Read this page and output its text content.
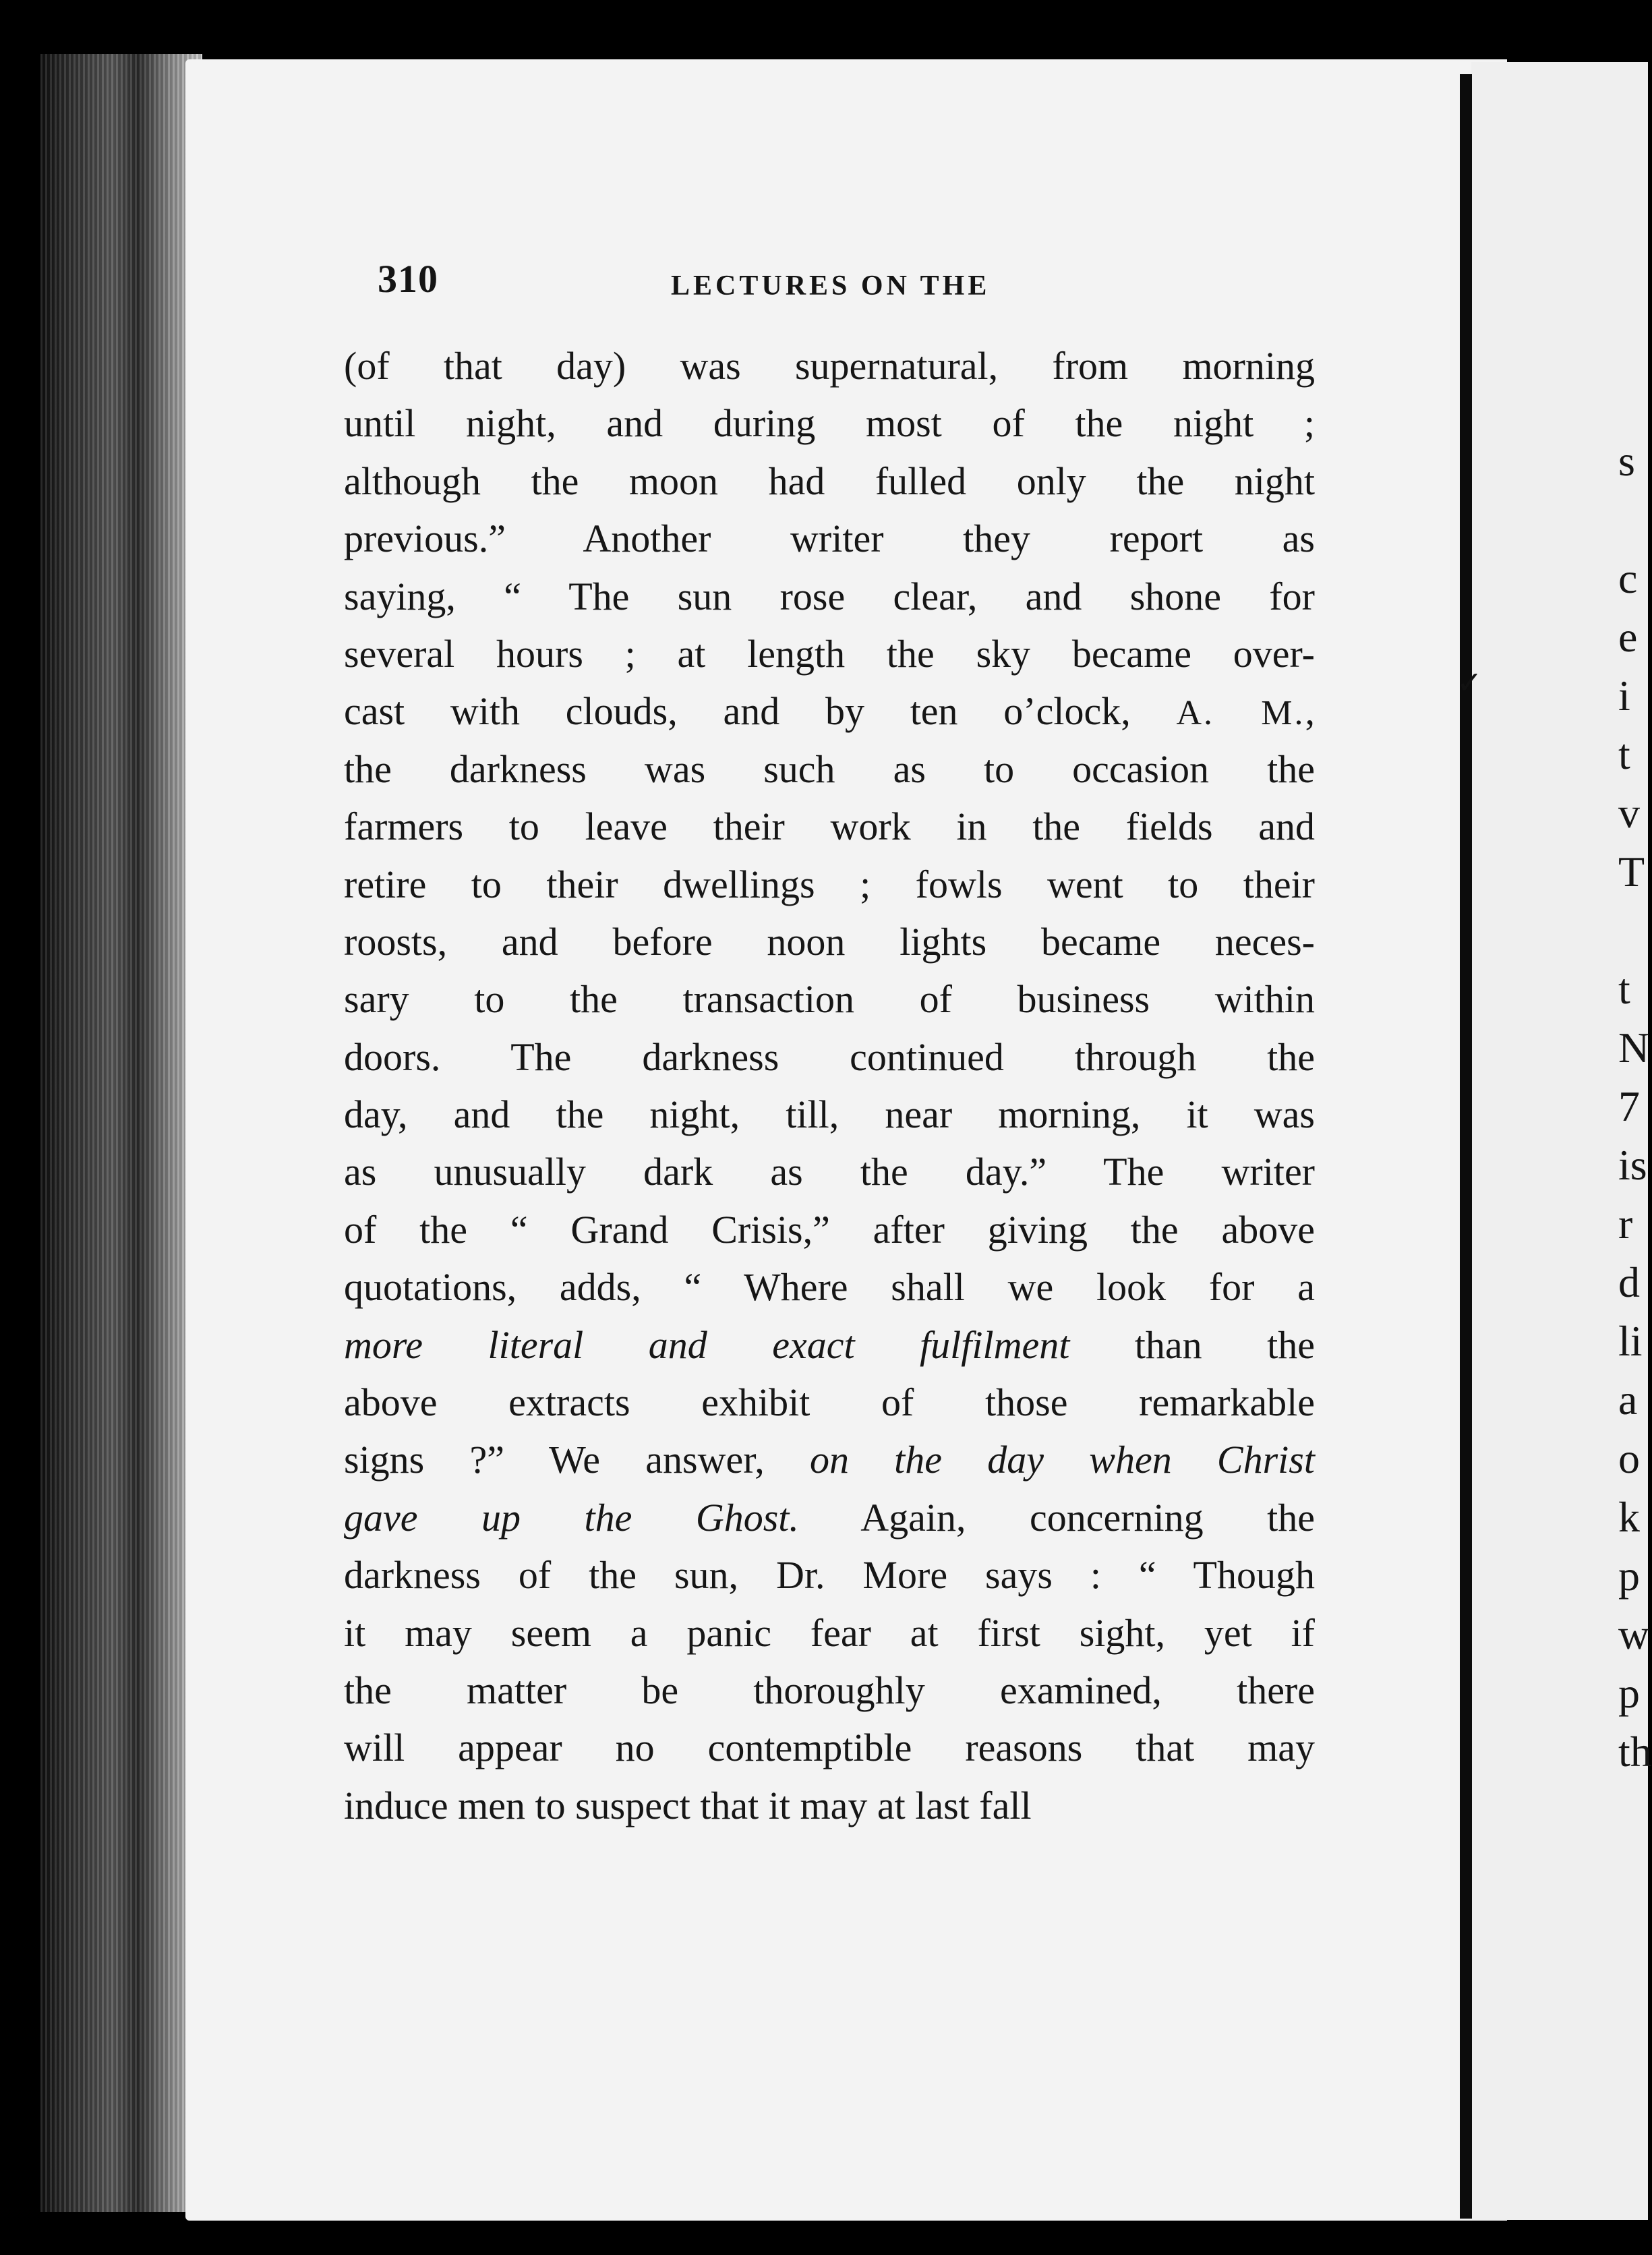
✓
s
c
e
i
t
v
T
t
N
7
is
r
d
li
a
o
k
p
w
p
th
310	LECTURES ON THE
(of that day) was supernatural, from morning
until night, and during most of the night ;
although the moon had fulled only the night
previous.” Another writer they report as
saying, “ The sun rose clear, and shone for
several hours ; at length the sky became over-
cast with clouds, and by ten o’clock, A. M.,
the darkness was such as to occasion the
farmers to leave their work in the fields and
retire to their dwellings ; fowls went to their
roosts, and before noon lights became neces-
sary to the transaction of business within
doors. The darkness continued through the
day, and the night, till, near morning, it was
as unusually dark as the day.” The writer
of the “ Grand Crisis,” after giving the above
quotations, adds, “ Where shall we look for a
more literal and exact fulfilment than the
above extracts exhibit of those remarkable
signs ?” We answer, on the day when Christ
gave up the Ghost. Again, concerning the
darkness of the sun, Dr. More says : “ Though
it may seem a panic fear at first sight, yet if
the matter be thoroughly examined, there
will appear no contemptible reasons that may
induce men to suspect that it may at last fall
